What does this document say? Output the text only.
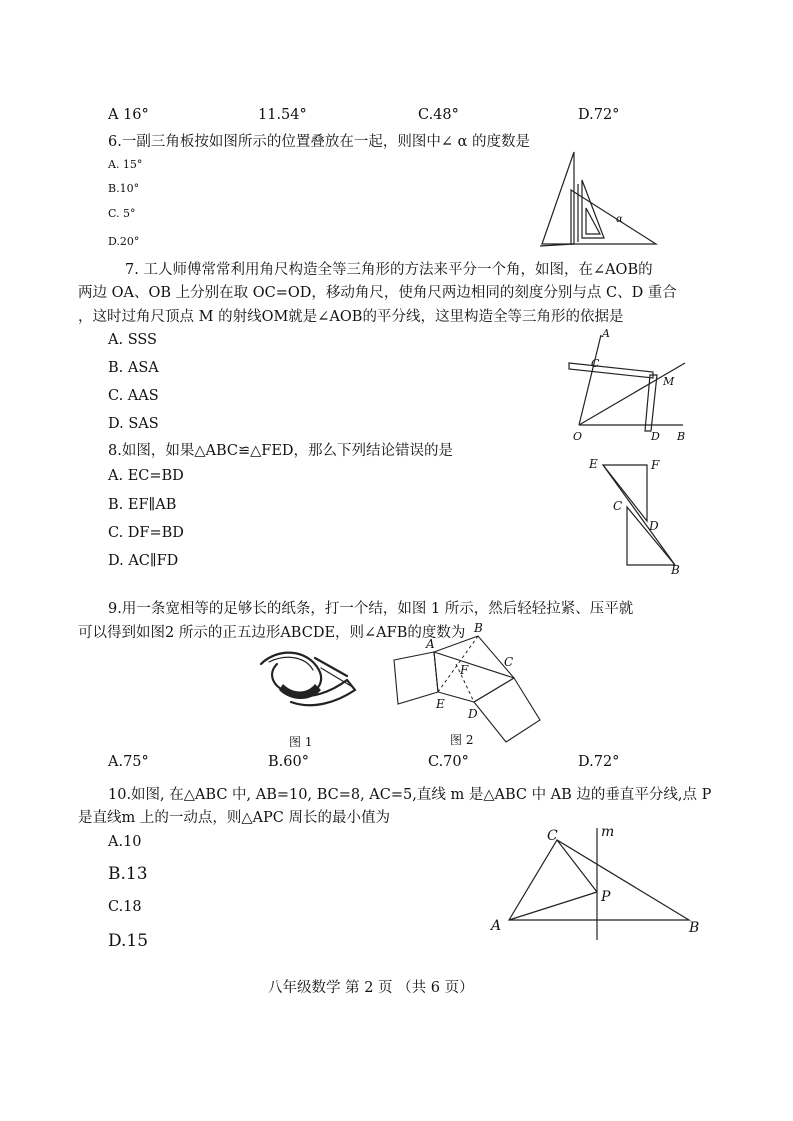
A 16°	11.54°	C.48°	D.72°
6.一副三角板按如图所示的位置叠放在一起，则图中∠ α 的度数是
A. 15°
B.10°
C. 5°
D.20°
α
7. 工人师傅常常利用角尺构造全等三角形的方法来平分一个角，如图，在∠AOB的
两边 OA、OB 上分别在取 OC=OD，移动角尺，使角尺两边相同的刻度分别与点 C、D 重合
，这时过角尺顶点 M 的射线OM就是∠AOB的平分线，这里构造全等三角形的依据是
A. SSS
B. ASA
C. AAS
D. SAS
A
C
M
O	D B
8.如图，如果△ABC≌△FED，那么下列结论错误的是
A. EC=BD
B. EF∥AB
C. DF=BD
D. AC∥FD
E	F
C
D
B
9.用一条宽相等的足够长的纸条，打一个结，如图 1 所示，然后轻轻拉紧、压平就
可以得到如图2 所示的正五边形ABCDE，则∠AFB的度数为
图 1
A
B
F
C
E
D
图 2
A.75°	B.60°	C.70°	D.72°
10.如图, 在△ABC 中, AB=10, BC=8, AC=5,直线 m 是△ABC 中 AB 边的垂直平分线,点 P
是直线m 上的一动点，则△APC 周长的最小值为
A.10
B.13
C.18
D.15
C	m
P
A	B
八年级数学 第 2 页 （共 6 页）
